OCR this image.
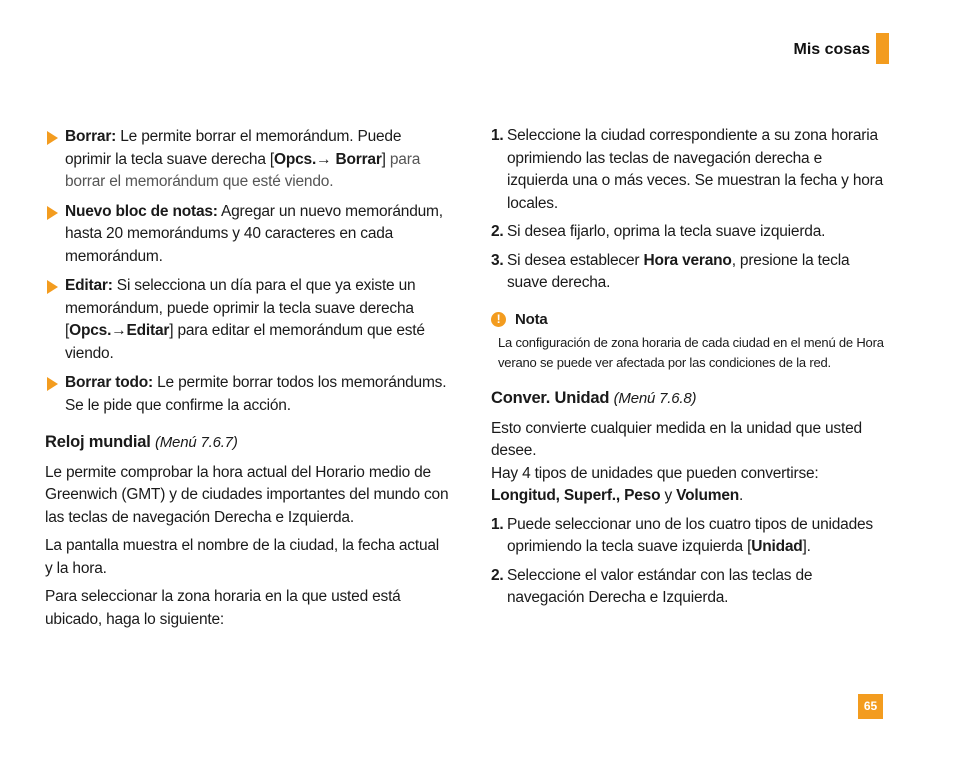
Mis cosas
Borrar: Le permite borrar el memorándum. Puede oprimir la tecla suave derecha [Opcs.→ Borrar] para borrar el memorándum que esté viendo.
Nuevo bloc de notas: Agregar un nuevo memorándum, hasta 20 memorándums y 40 caracteres en cada memorándum.
Editar: Si selecciona un día para el que ya existe un memorándum, puede oprimir la tecla suave derecha [Opcs.→Editar] para editar el memorándum que esté viendo.
Borrar todo: Le permite borrar todos los memorándums. Se le pide que confirme la acción.
Reloj mundial (Menú 7.6.7)

Le permite comprobar la hora actual del Horario medio de Greenwich (GMT) y de ciudades importantes del mundo con las teclas de navegación Derecha e Izquierda.

La pantalla muestra el nombre de la ciudad, la fecha actual y la hora.

Para seleccionar la zona horaria en la que usted está ubicado, haga lo siguiente:

1. Seleccione la ciudad correspondiente a su zona horaria oprimiendo las teclas de navegación derecha e izquierda una o más veces. Se muestran la fecha y hora locales.
2. Si desea fijarlo, oprima la tecla suave izquierda.
3. Si desea establecer Hora verano, presione la tecla suave derecha.
! Nota
La configuración de zona horaria de cada ciudad en el menú de Hora verano se puede ver afectada por las condiciones de la red.
Conver. Unidad (Menú 7.6.8)

Esto convierte cualquier medida en la unidad que usted desee.

Hay 4 tipos de unidades que pueden convertirse:

Longitud, Superf., Peso y Volumen.

1. Puede seleccionar uno de los cuatro tipos de unidades oprimiendo la tecla suave izquierda [Unidad].
2. Seleccione el valor estándar con las teclas de navegación Derecha e Izquierda.
65
